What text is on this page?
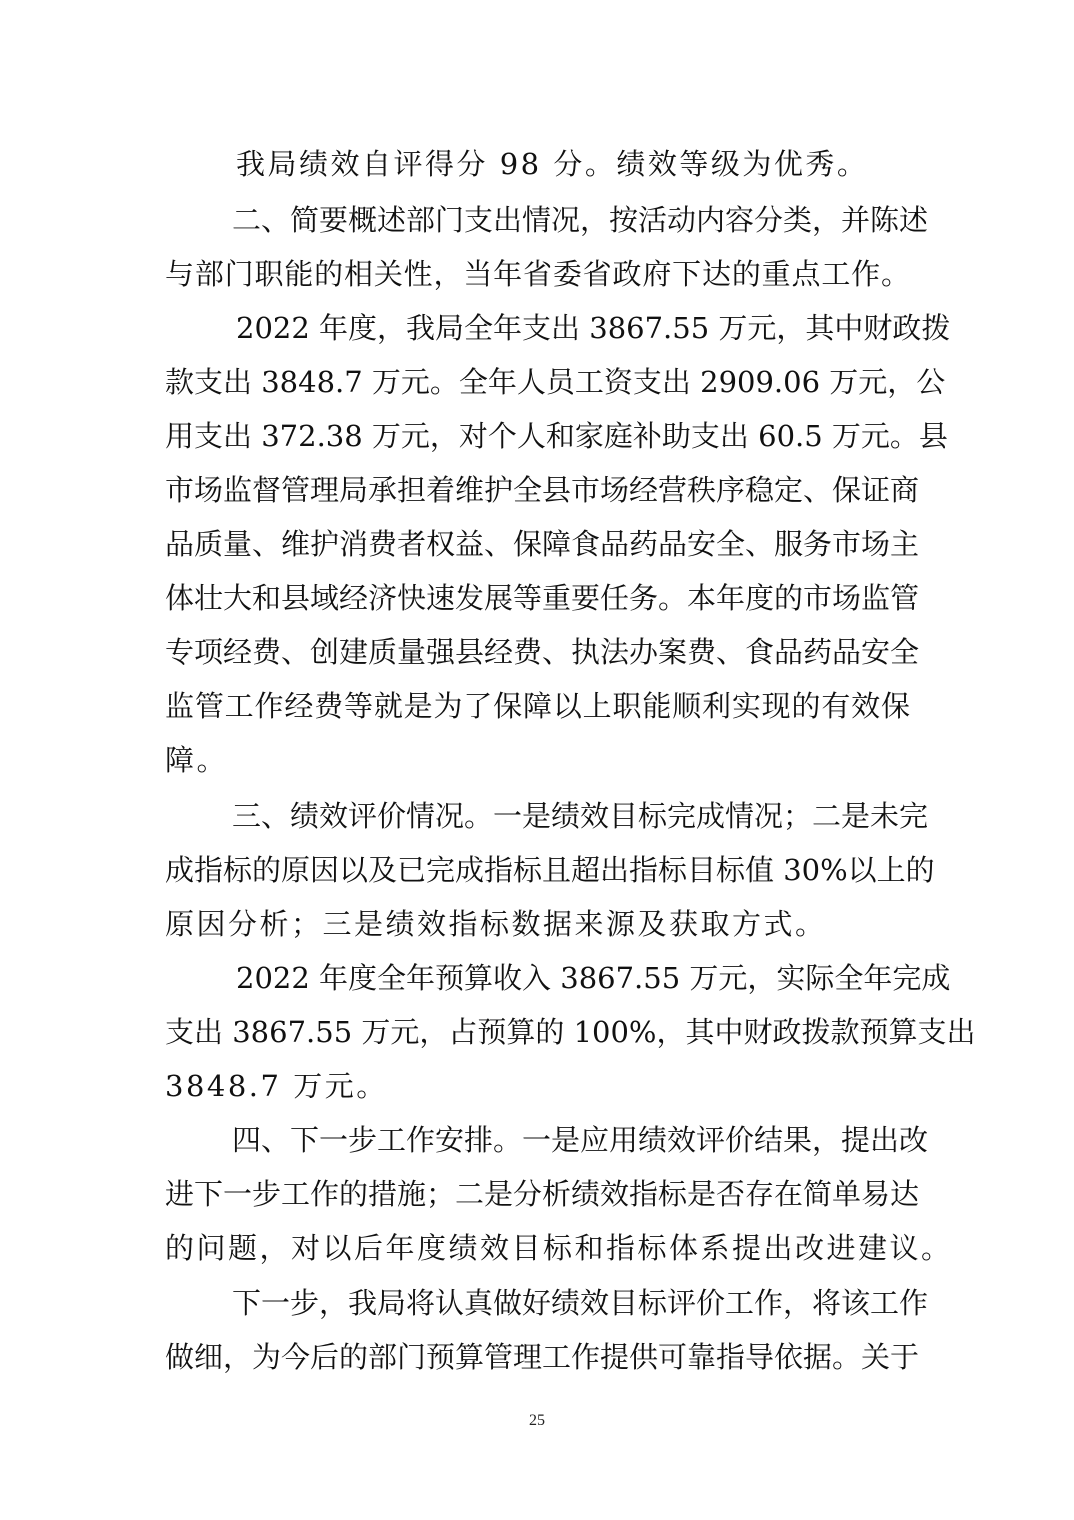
我局绩效自评得分 98 分。绩效等级为优秀。
二、简要概述部门支出情况，按活动内容分类，并陈述
与部门职能的相关性，当年省委省政府下达的重点工作。
2022 年度，我局全年支出 3867.55 万元，其中财政拨
款支出 3848.7 万元。全年人员工资支出 2909.06 万元，公
用支出 372.38 万元，对个人和家庭补助支出 60.5 万元。县
市场监督管理局承担着维护全县市场经营秩序稳定、保证商
品质量、维护消费者权益、保障食品药品安全、服务市场主
体壮大和县域经济快速发展等重要任务。本年度的市场监管
专项经费、创建质量强县经费、执法办案费、食品药品安全
监管工作经费等就是为了保障以上职能顺利实现的有效保
障。
三、绩效评价情况。一是绩效目标完成情况；二是未完
成指标的原因以及已完成指标且超出指标目标值 30%以上的
原因分析；三是绩效指标数据来源及获取方式。
2022 年度全年预算收入 3867.55 万元，实际全年完成
支出 3867.55 万元，占预算的 100%，其中财政拨款预算支出
3848.7 万元。
四、下一步工作安排。一是应用绩效评价结果，提出改
进下一步工作的措施；二是分析绩效指标是否存在简单易达
的问题，对以后年度绩效目标和指标体系提出改进建议。
下一步，我局将认真做好绩效目标评价工作，将该工作
做细，为今后的部门预算管理工作提供可靠指导依据。关于
25
